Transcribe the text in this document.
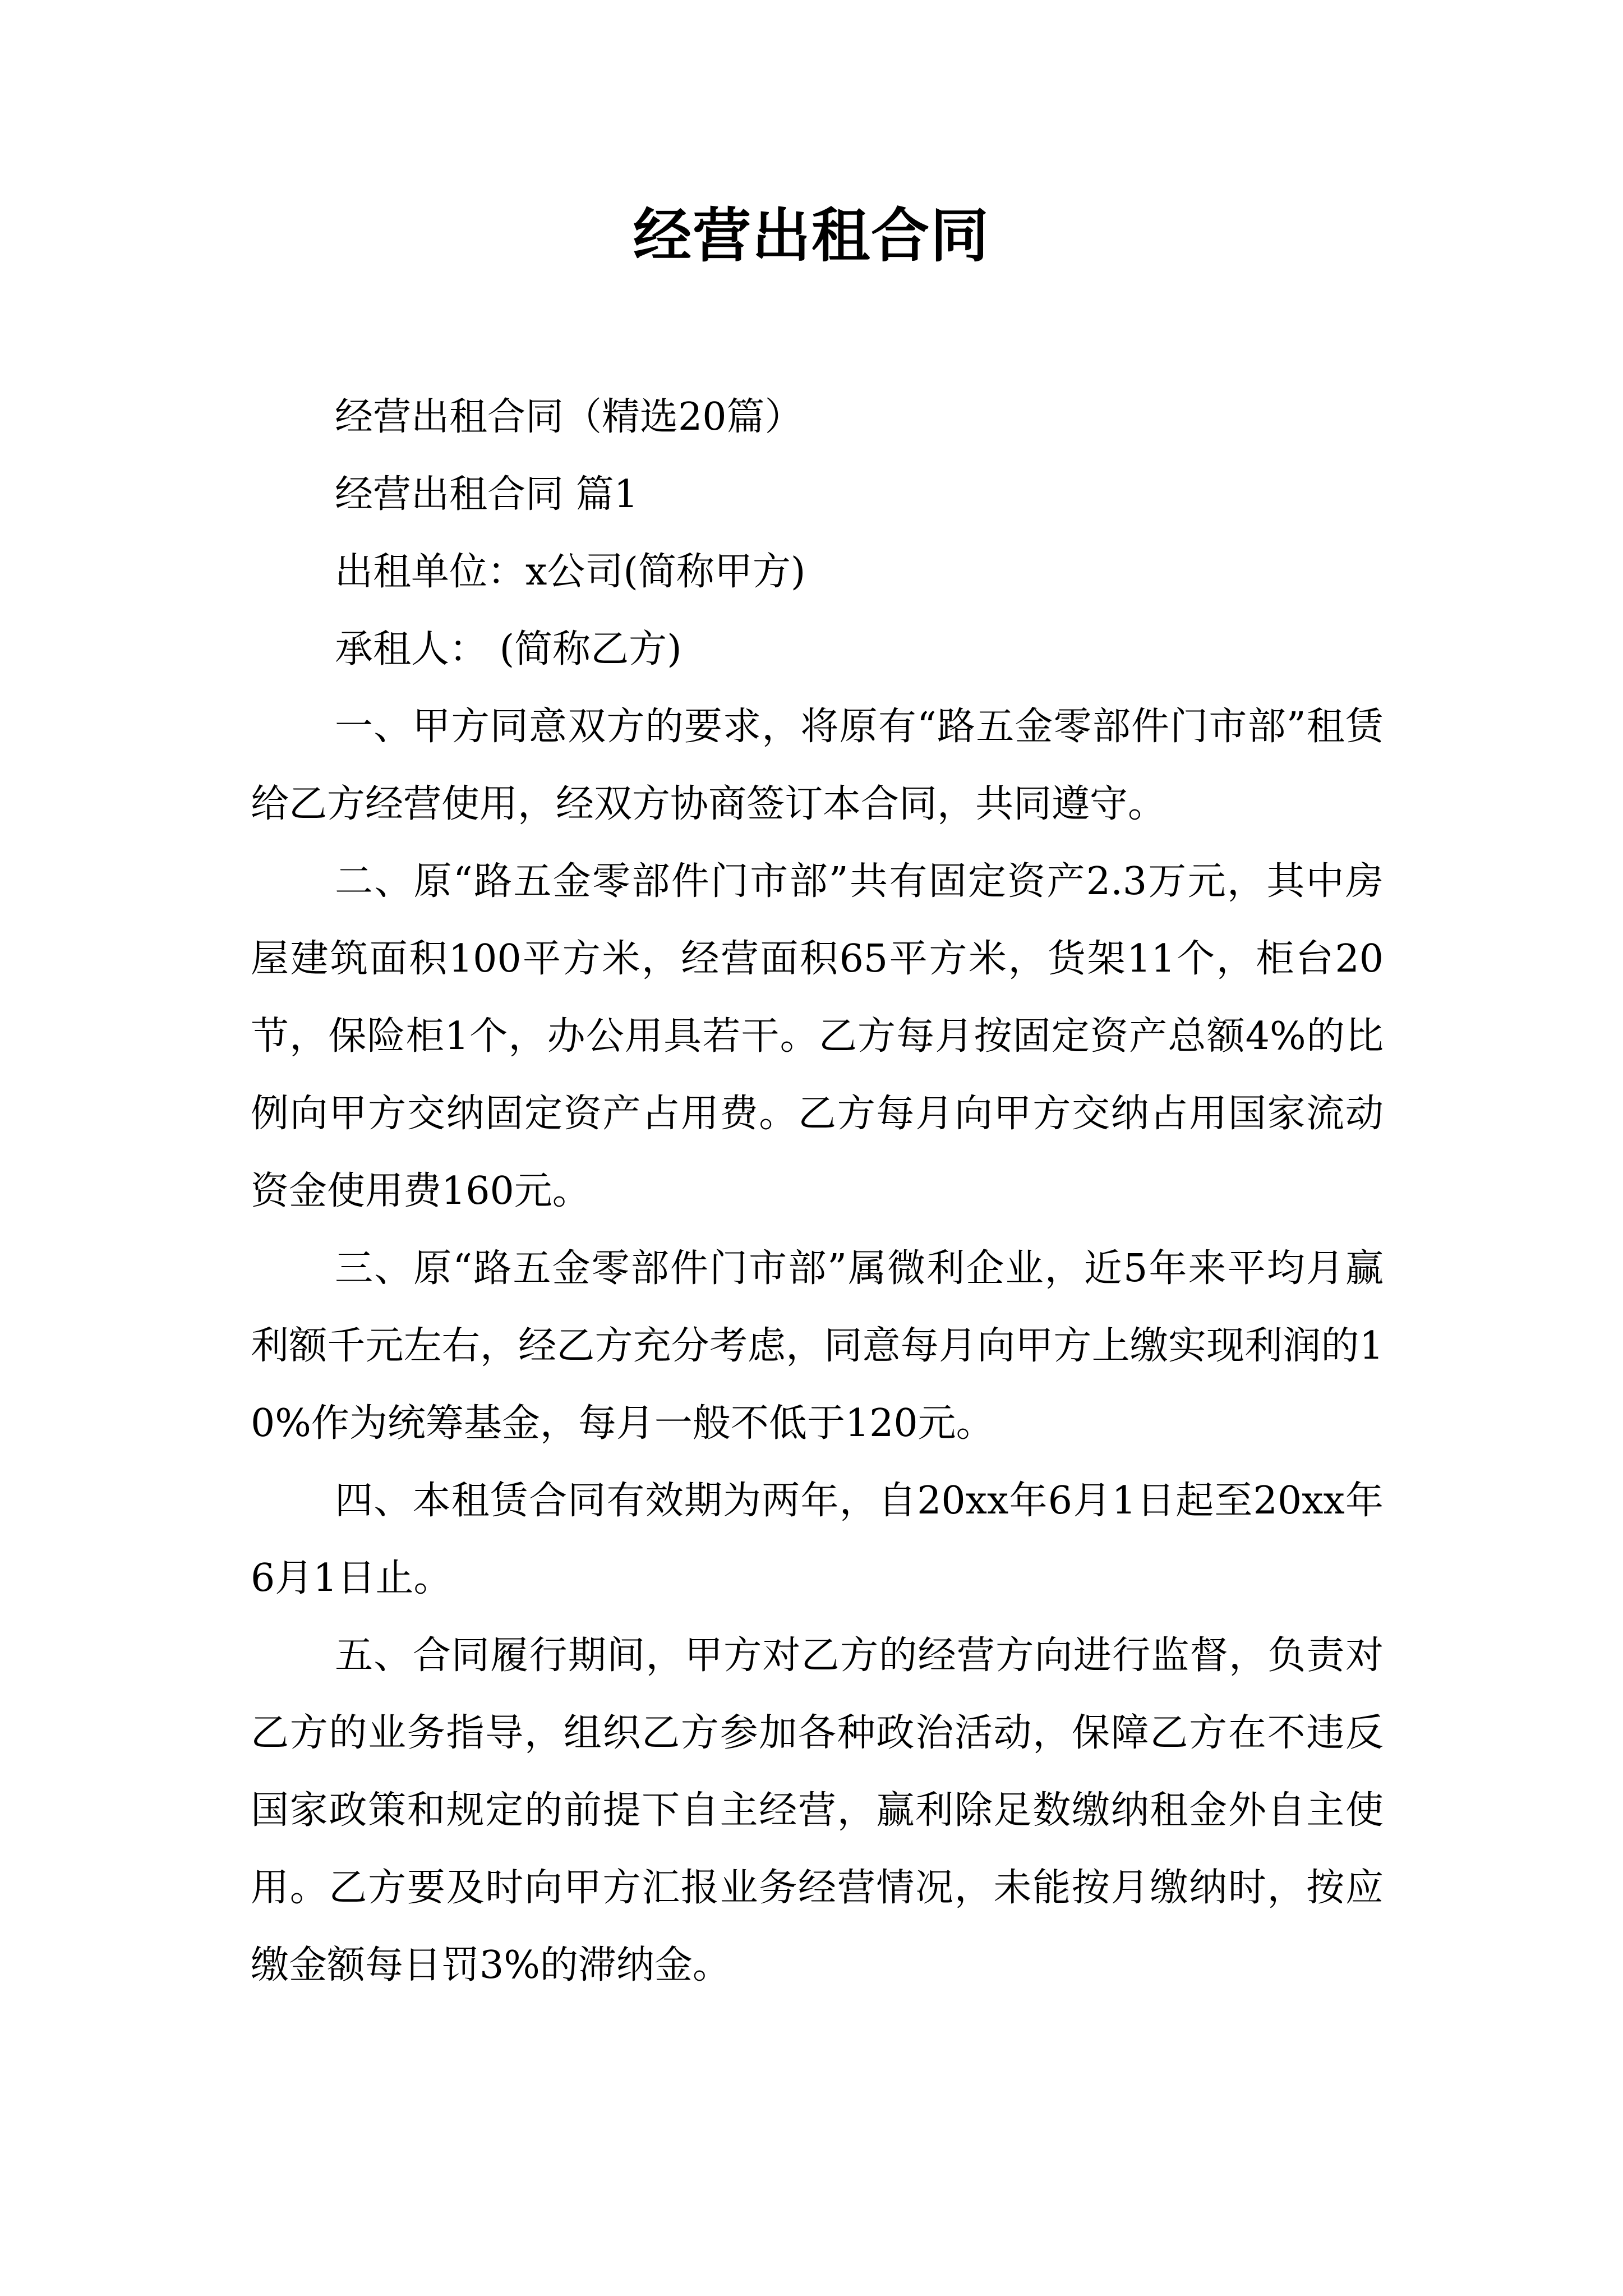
经营出租合同

经营出租合同（精选20篇）

经营出租合同 篇1

出租单位：x公司(简称甲方)

承租人： (简称乙方)

一、甲方同意双方的要求，将原有“路五金零部件门市部”租赁给乙方经营使用，经双方协商签订本合同，共同遵守。

二、原“路五金零部件门市部”共有固定资产2.3万元，其中房屋建筑面积100平方米，经营面积65平方米，货架11个，柜台20节，保险柜1个，办公用具若干。乙方每月按固定资产总额4%的比例向甲方交纳固定资产占用费。乙方每月向甲方交纳占用国家流动资金使用费160元。

三、原“路五金零部件门市部”属微利企业，近5年来平均月赢利额千元左右，经乙方充分考虑，同意每月向甲方上缴实现利润的10%作为统筹基金，每月一般不低于120元。

四、本租赁合同有效期为两年，自20xx年6月1日起至20xx年6月1日止。

五、合同履行期间，甲方对乙方的经营方向进行监督，负责对乙方的业务指导，组织乙方参加各种政治活动，保障乙方在不违反国家政策和规定的前提下自主经营，赢利除足数缴纳租金外自主使用。乙方要及时向甲方汇报业务经营情况，未能按月缴纳时，按应缴金额每日罚3%的滞纳金。
